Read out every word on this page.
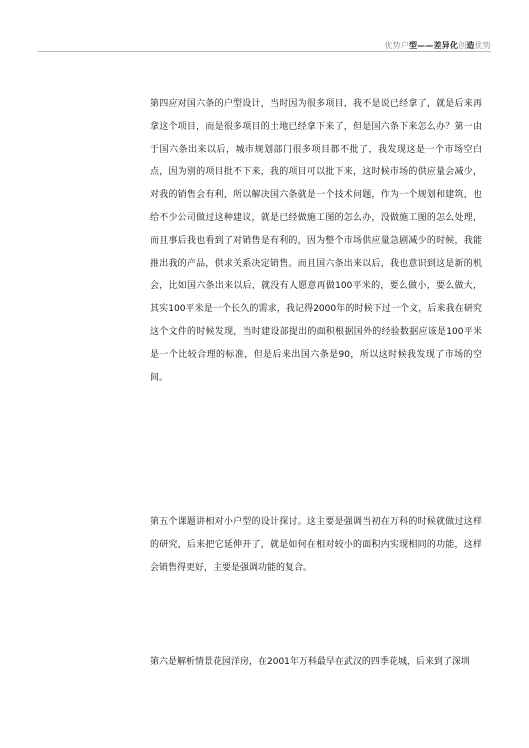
优势户型——差异化创造优势
第四应对国六条的户型设计，当时因为很多项目，我不是说已经拿了，就是后来再拿这个项目，而是很多项目的土地已经拿下来了，但是国六条下来怎么办？第一由于国六条出来以后，城市规划部门很多项目都不批了，我发现这是一个市场空白点，因为别的项目批不下来，我的项目可以批下来，这时候市场的供应量会减少，对我的销售会有利，所以解决国六条就是一个技术问题，作为一个规划和建筑，也给不少公司做过这种建议，就是已经做施工图的怎么办，没做施工图的怎么处理，而且事后我也看到了对销售是有利的，因为整个市场供应量急剧减少的时候，我能推出我的产品，供求关系决定销售。而且国六条出来以后，我也意识到这是新的机会，比如国六条出来以后，就没有人愿意再做100平米的，要么做小，要么做大，其实100平米是一个长久的需求，我记得2000年的时候下过一个文，后来我在研究这个文件的时候发现，当时建设部提出的面积根据国外的经验数据应该是100平米是一个比较合理的标准，但是后来出国六条是90，所以这时候我发现了市场的空间。
第五个课题讲相对小户型的设计探讨。这主要是强调当初在万科的时候就做过这样的研究，后来把它延伸开了，就是如何在相对较小的面积内实现相同的功能，这样会销售得更好，主要是强调功能的复合。
第六是解析情景花园洋房，在2001年万科最早在武汉的四季花城，后来到了深圳
